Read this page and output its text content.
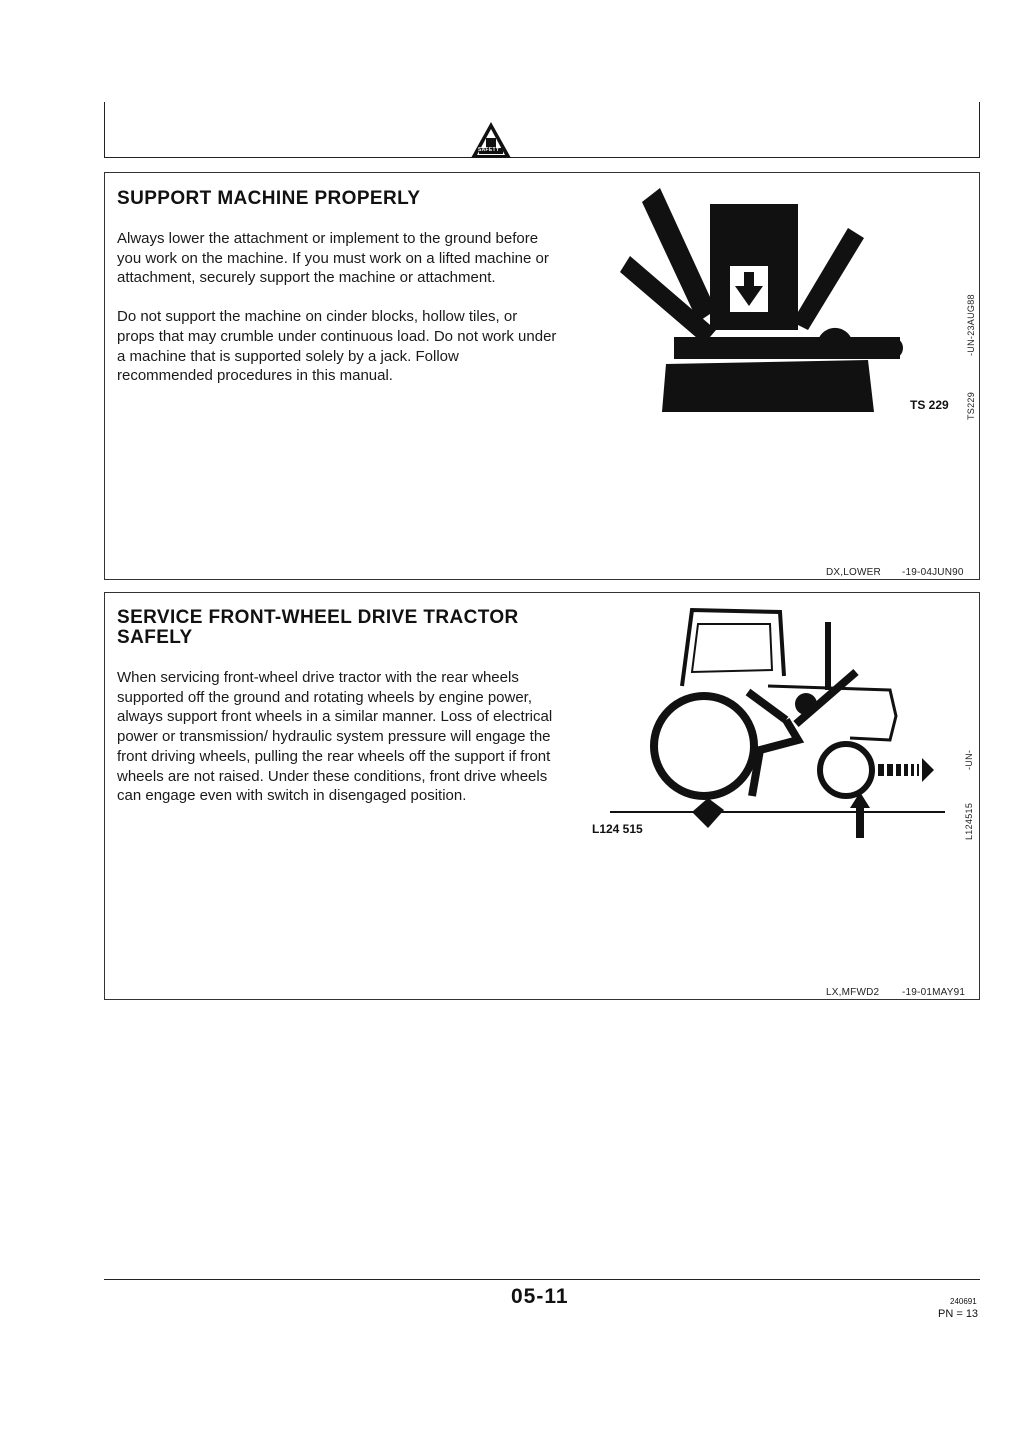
SAFETY
SUPPORT MACHINE PROPERLY

Always lower the attachment or implement to the ground before you work on the machine. If you must work on a lifted machine or attachment, securely support the machine or attachment.

Do not support the machine on cinder blocks, hollow tiles, or props that may crumble under continuous load. Do not work under a machine that is supported solely by a jack. Follow recommended procedures in this manual.

TS 229
-UN-23AUG88
TS229
DX,LOWER -19-04JUN90
SERVICE FRONT-WHEEL DRIVE TRACTOR
SAFELY

When servicing front-wheel drive tractor with the rear wheels supported off the ground and rotating wheels by engine power, always support front wheels in a similar manner. Loss of electrical power or transmission/ hydraulic system pressure will engage the front driving wheels, pulling the rear wheels off the support if front wheels are not raised. Under these conditions, front drive wheels can engage even with switch in disengaged position.

L124 515
-UN-
L124515
LX,MFWD2 -19-01MAY91
05-11	240691
PN = 13
